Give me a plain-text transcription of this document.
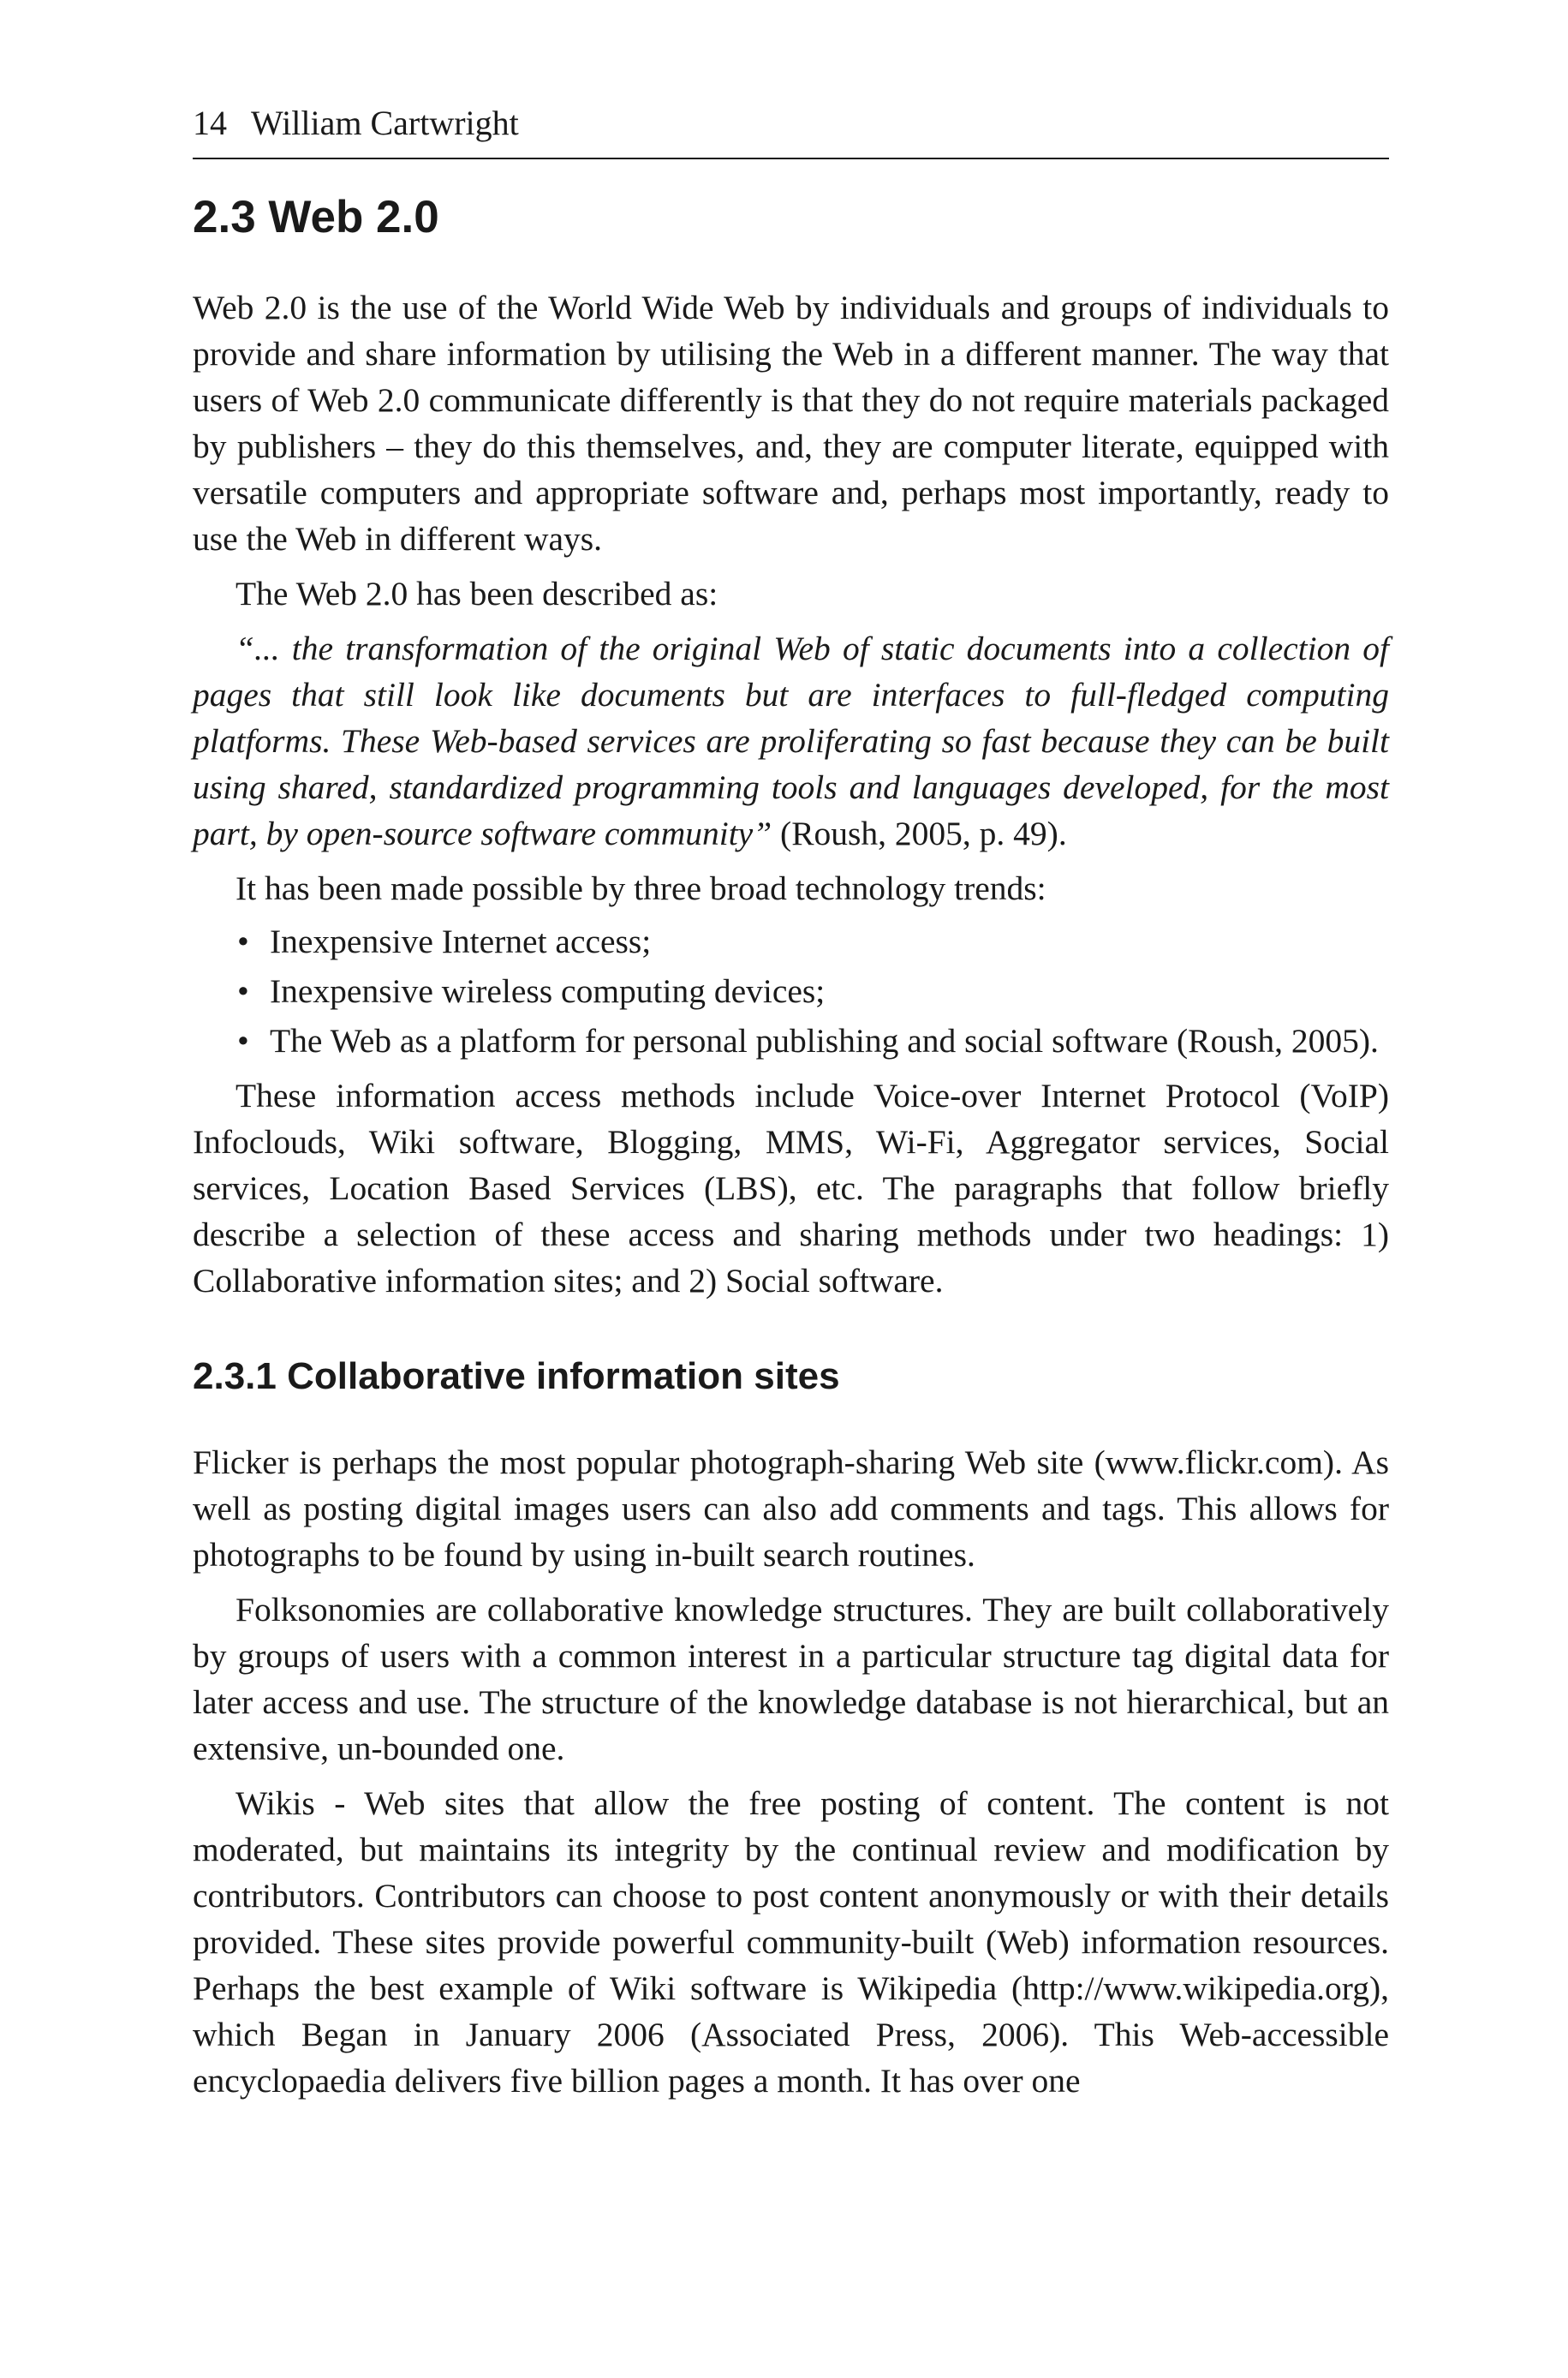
14 William Cartwright
2.3 Web 2.0

Web 2.0 is the use of the World Wide Web by individuals and groups of individuals to provide and share information by utilising the Web in a different manner. The way that users of Web 2.0 communicate differently is that they do not require materials packaged by publishers – they do this themselves, and, they are computer literate, equipped with versatile computers and appropriate software and, perhaps most importantly, ready to use the Web in different ways.

The Web 2.0 has been described as:

“... the transformation of the original Web of static documents into a collection of pages that still look like documents but are interfaces to full-fledged computing platforms. These Web-based services are proliferating so fast because they can be built using shared, standardized programming tools and languages developed, for the most part, by open-source software community” (Roush, 2005, p. 49).

It has been made possible by three broad technology trends:

• Inexpensive Internet access;
• Inexpensive wireless computing devices;
• The Web as a platform for personal publishing and social software (Roush, 2005).

These information access methods include Voice-over Internet Protocol (VoIP) Infoclouds, Wiki software, Blogging, MMS, Wi-Fi, Aggregator services, Social services, Location Based Services (LBS), etc. The paragraphs that follow briefly describe a selection of these access and sharing methods under two headings: 1) Collaborative information sites; and 2) Social software.

2.3.1 Collaborative information sites

Flicker is perhaps the most popular photograph-sharing Web site (www.flickr.com). As well as posting digital images users can also add comments and tags. This allows for photographs to be found by using in-built search routines.

Folksonomies are collaborative knowledge structures. They are built collaboratively by groups of users with a common interest in a particular structure tag digital data for later access and use. The structure of the knowledge database is not hierarchical, but an extensive, un-bounded one.

Wikis - Web sites that allow the free posting of content. The content is not moderated, but maintains its integrity by the continual review and modification by contributors. Contributors can choose to post content anonymously or with their details provided. These sites provide powerful community-built (Web) information resources. Perhaps the best example of Wiki software is Wikipedia (http://www.wikipedia.org), which Began in January 2006 (Associated Press, 2006). This Web-accessible encyclopaedia delivers five billion pages a month. It has over one
